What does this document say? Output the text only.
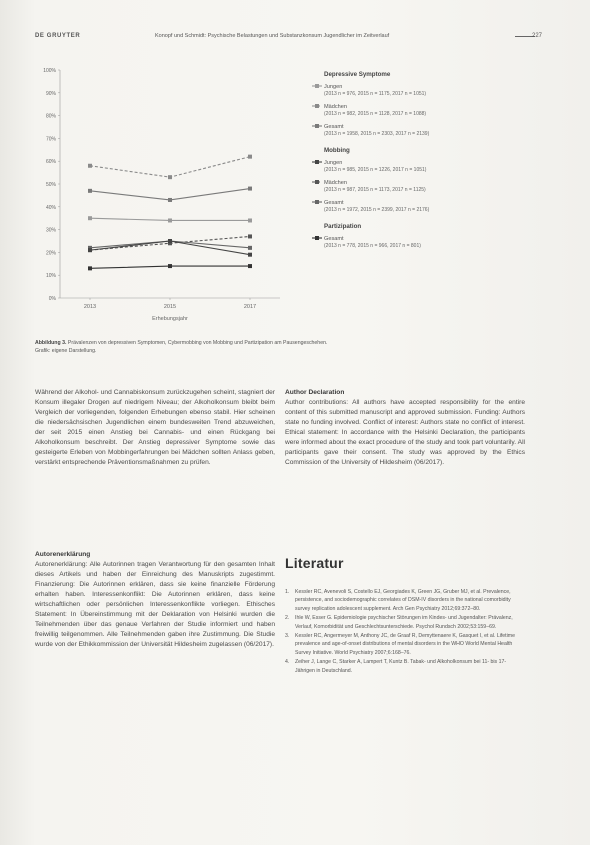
DE GRUYTER	Konopf und Schmidt: Psychische Belastungen und Substanzkonsum Jugendlicher im Zeitverlauf	227
0%
10%
20%
30%
40%
50%
60%
70%
80%
90%
100%
2013	2015	2017
Erhebungsjahr
Depressive Symptome
Jungen
(2013 n = 976, 2015 n = 1175, 2017 n = 1051)
Mädchen
(2013 n = 982, 2015 n = 1128, 2017 n = 1088)
Gesamt
(2013 n = 1958, 2015 n = 2303, 2017 n = 2139)
Mobbing
Jungen
(2013 n = 985, 2015 n = 1226, 2017 n = 1051)
Mädchen
(2013 n = 987, 2015 n = 1173, 2017 n = 1125)
Gesamt
(2013 n = 1972, 2015 n = 2399, 2017 n = 2176)
Partizipation
Gesamt
(2013 n = 778, 2015 n = 966, 2017 n = 801)
Abbildung 3. Prävalenzen von depressiven Symptomen, Cybermobbing von Mobbing und Partizipation am Pausengeschehen.
Grafik: eigene Darstellung.
Während der Alkohol- und Cannabiskonsum zurückzugehen scheint, stagniert der Konsum illegaler Drogen auf niedrigem Niveau; der Alkoholkonsum bleibt beim Vergleich der vorliegenden, folgenden Erhebungen ebenso stabil. Hier scheinen die niedersächsischen Jugendlichen einem bundesweiten Trend abzuweichen, der seit 2015 einen Anstieg bei Cannabis- und einen Rückgang bei Alkoholkonsum beschreibt. Der Anstieg depressiver Symptome sowie das gesteigerte Erleben von Mobbingerfahrungen bei Mädchen sollten Anlass geben, verstärkt entsprechende Präventionsmaßnahmen zu prüfen.
Autorenerklärung
Autorenerklärung: Alle Autorinnen tragen Verantwortung für den gesamten Inhalt dieses Artikels und haben der Einreichung des Manuskripts zugestimmt. Finanzierung: Die Autorinnen erklären, dass sie keine finanzielle Förderung erhalten haben. Interessenkonflikt: Die Autorinnen erklären, dass keine wirtschaftlichen oder persönlichen Interessenkonflikte vorliegen. Ethisches Statement: In Übereinstimmung mit der Deklaration von Helsinki wurden die Teilnehmenden über das genaue Verfahren der Studie informiert und haben freiwillig teilgenommen. Alle Teilnehmenden gaben ihre Zustimmung. Die Studie wurde von der Ethikkommission der Universität Hildesheim zugelassen (06/2017).
Author Declaration
Author contributions: All authors have accepted responsibility for the entire content of this submitted manuscript and approved submission. Funding: Authors state no funding involved. Conflict of interest: Authors state no conflict of interest. Ethical statement: In accordance with the Helsinki Declaration, the participants were informed about the exact procedure of the study and took part voluntarily. All participants gave their consent. The study was approved by the Ethics Commission of the University of Hildesheim (06/2017).
Literatur
1.	Kessler RC, Avenevoli S, Costello EJ, Georgiades K, Green JG, Gruber MJ, et al. Prevalence, persistence, and sociodemographic correlates of DSM-IV disorders in the national comorbidity survey replication adolescent supplement. Arch Gen Psychiatry 2012;69:372–80.
2.	Ihle W, Esser G. Epidemiologie psychischer Störungen im Kindes- und Jugendalter: Prävalenz, Verlauf, Komorbidität und Geschlechtsunterschiede. Psychol Rundsch 2002;53:159–69.
3.	Kessler RC, Angermeyer M, Anthony JC, de Graaf R, Demyttenaere K, Gasquet I, et al. Lifetime prevalence and age-of-onset distributions of mental disorders in the WHO World Mental Health Survey Initiative. World Psychiatry 2007;6:168–76.
4.	Zeiher J, Lange C, Starker A, Lampert T, Kuntz B. Tabak- und Alkoholkonsum bei 11- bis 17-Jährigen in Deutschland.
